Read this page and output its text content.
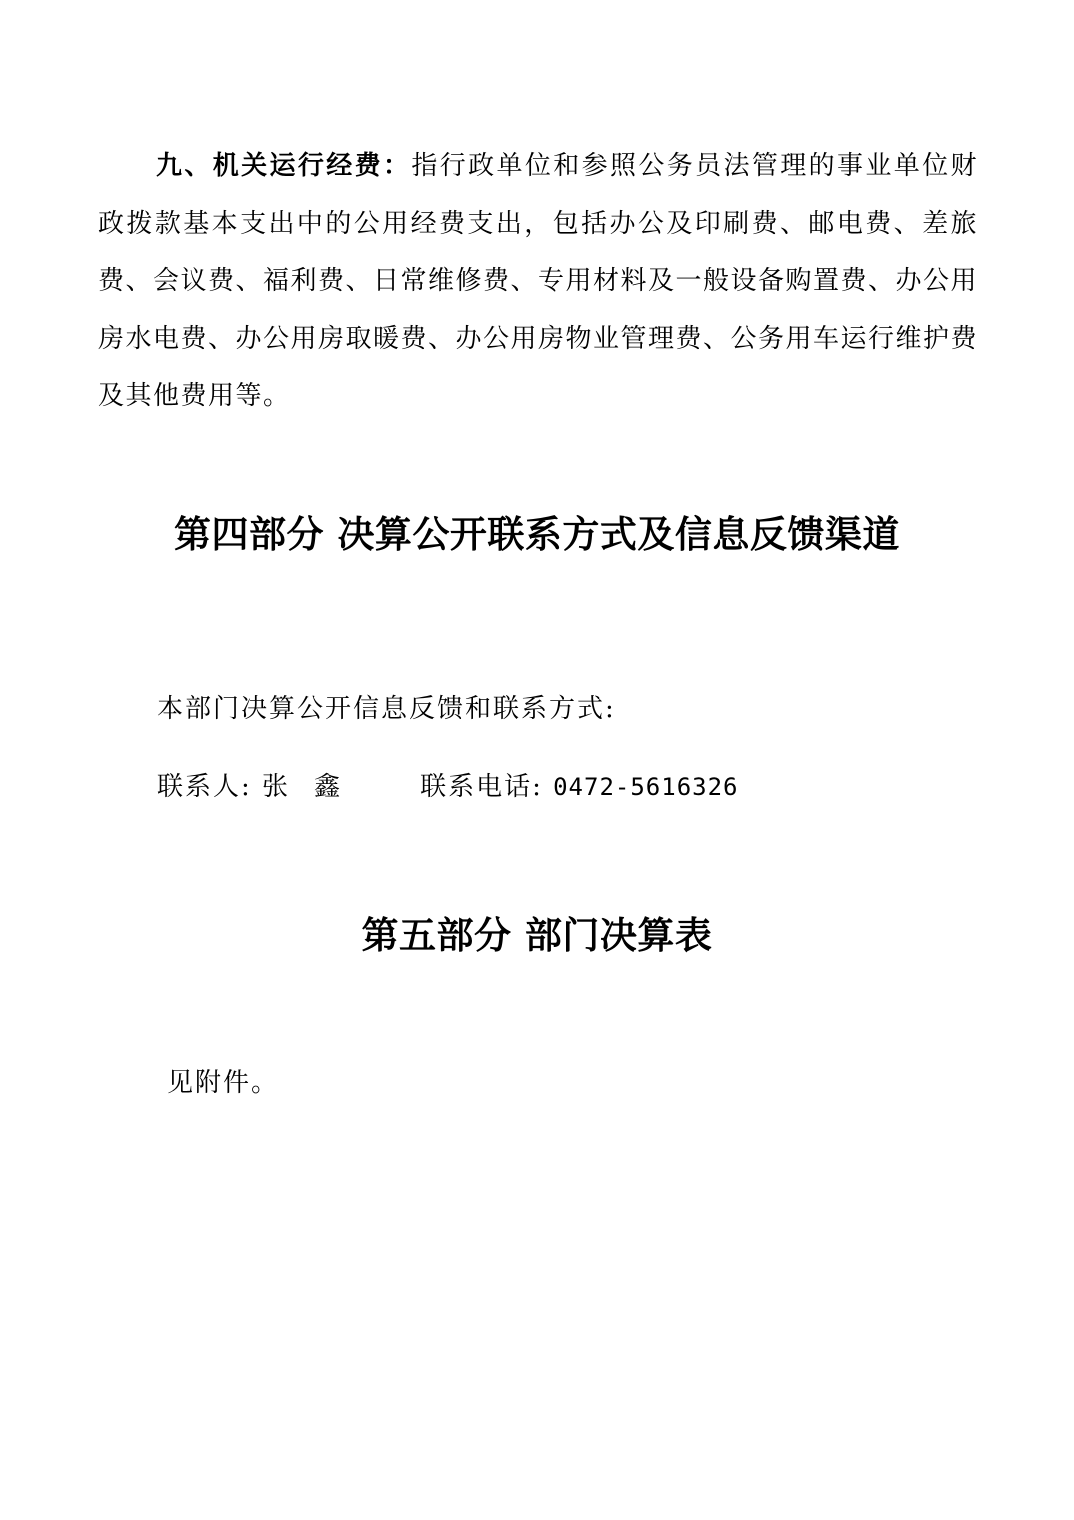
九、机关运行经费：指行政单位和参照公务员法管理的事业单位财政拨款基本支出中的公用经费支出，包括办公及印刷费、邮电费、差旅费、会议费、福利费、日常维修费、专用材料及一般设备购置费、办公用房水电费、办公用房取暖费、办公用房物业管理费、公务用车运行维护费及其他费用等。

第四部分 决算公开联系方式及信息反馈渠道

本部门决算公开信息反馈和联系方式:

联系人: 张 鑫	联系电话: 0472-5616326

第五部分 部门决算表

见附件。
